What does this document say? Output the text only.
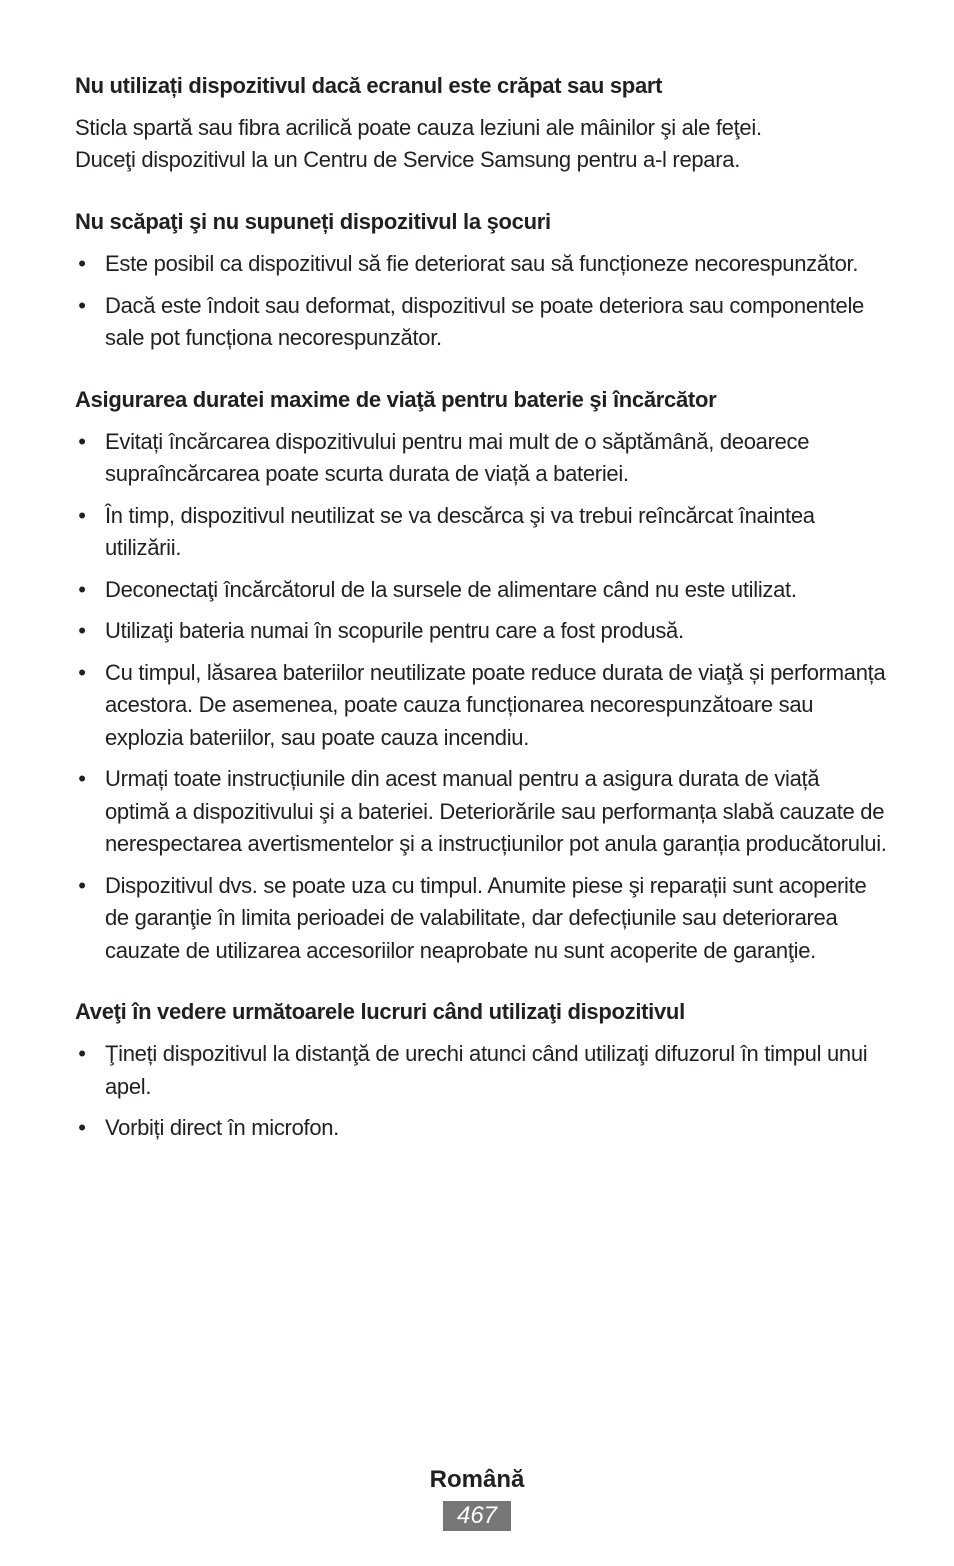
Nu utilizați dispozitivul dacă ecranul este crăpat sau spart

Sticla spartă sau fibra acrilică poate cauza leziuni ale mâinilor şi ale feţei.
Duceţi dispozitivul la un Centru de Service Samsung pentru a-l repara.

Nu scăpaţi şi nu supuneți dispozitivul la şocuri
• Este posibil ca dispozitivul să fie deteriorat sau să funcționeze necorespunzător.
• Dacă este îndoit sau deformat, dispozitivul se poate deteriora sau componentele sale pot funcționa necorespunzător.
Asigurarea duratei maxime de viaţă pentru baterie şi încărcător
• Evitați încărcarea dispozitivului pentru mai mult de o săptămână, deoarece supraîncărcarea poate scurta durata de viață a bateriei.
• În timp, dispozitivul neutilizat se va descărca şi va trebui reîncărcat înaintea utilizării.
• Deconectaţi încărcătorul de la sursele de alimentare când nu este utilizat.
• Utilizaţi bateria numai în scopurile pentru care a fost produsă.
• Cu timpul, lăsarea bateriilor neutilizate poate reduce durata de viaţă și performanța acestora. De asemenea, poate cauza funcționarea necorespunzătoare sau explozia bateriilor, sau poate cauza incendiu.
• Urmați toate instrucțiunile din acest manual pentru a asigura durata de viață optimă a dispozitivului şi a bateriei. Deteriorările sau performanța slabă cauzate de nerespectarea avertismentelor şi a instrucțiunilor pot anula garanția producătorului.
• Dispozitivul dvs. se poate uza cu timpul. Anumite piese şi reparații sunt acoperite de garanţie în limita perioadei de valabilitate, dar defecțiunile sau deteriorarea cauzate de utilizarea accesoriilor neaprobate nu sunt acoperite de garanţie.
Aveţi în vedere următoarele lucruri când utilizaţi dispozitivul
• Ţineți dispozitivul la distanţă de urechi atunci când utilizaţi difuzorul în timpul unui apel.
• Vorbiți direct în microfon.
Română
467
